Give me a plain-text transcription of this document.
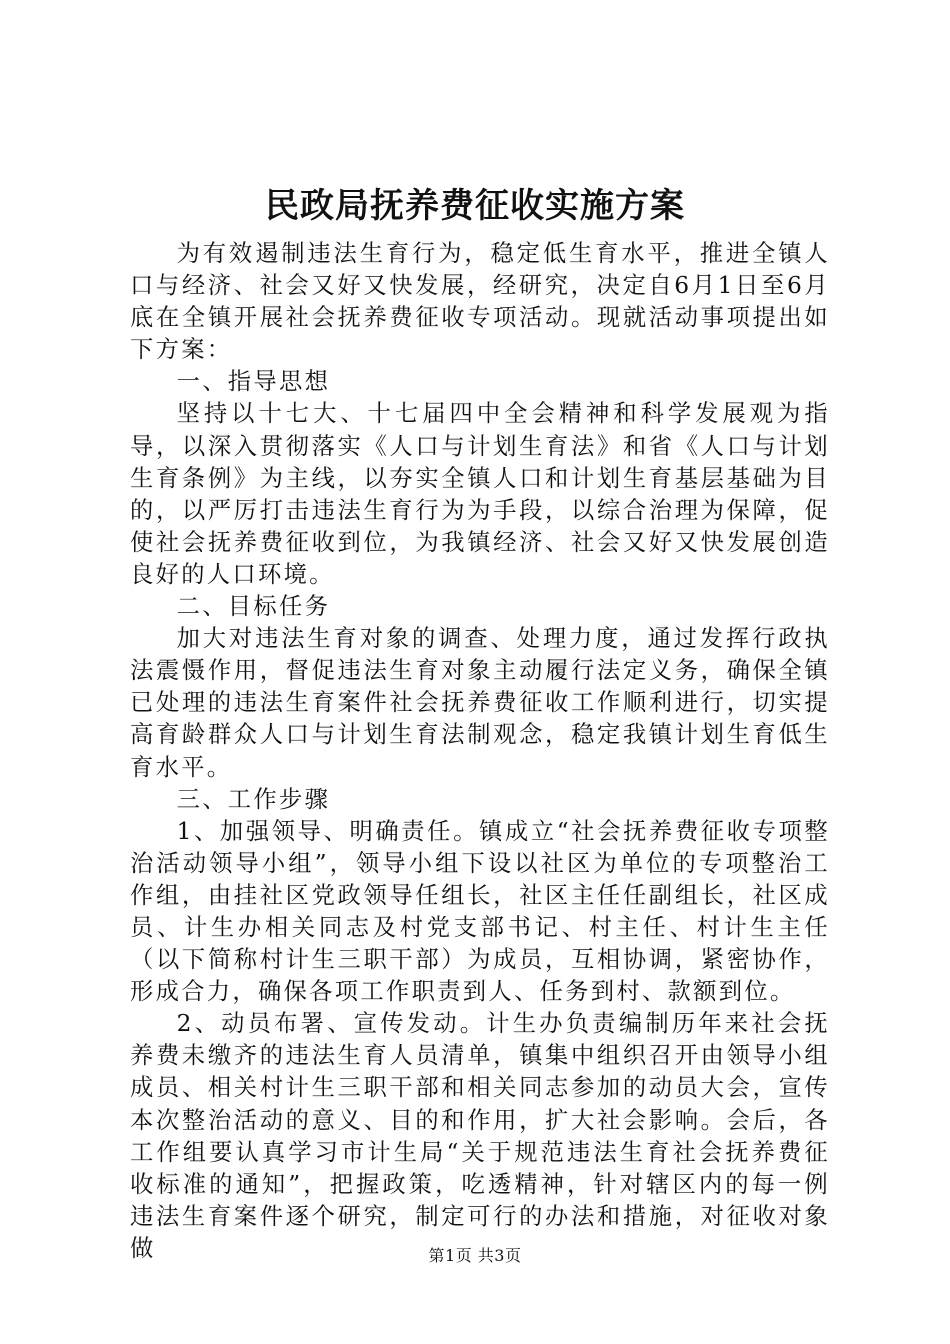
民政局抚养费征收实施方案

为有效遏制违法生育行为，稳定低生育水平，推进全镇人口与经济、社会又好又快发展，经研究，决定自6月1日至6月底在全镇开展社会抚养费征收专项活动。现就活动事项提出如下方案：

一、指导思想

坚持以十七大、十七届四中全会精神和科学发展观为指导，以深入贯彻落实《人口与计划生育法》和省《人口与计划生育条例》为主线，以夯实全镇人口和计划生育基层基础为目的，以严厉打击违法生育行为为手段，以综合治理为保障，促使社会抚养费征收到位，为我镇经济、社会又好又快发展创造良好的人口环境。

二、目标任务

加大对违法生育对象的调查、处理力度，通过发挥行政执法震慑作用，督促违法生育对象主动履行法定义务，确保全镇已处理的违法生育案件社会抚养费征收工作顺利进行，切实提高育龄群众人口与计划生育法制观念，稳定我镇计划生育低生育水平。

三、工作步骤

1、加强领导、明确责任。镇成立“社会抚养费征收专项整治活动领导小组”，领导小组下设以社区为单位的专项整治工作组，由挂社区党政领导任组长，社区主任任副组长，社区成员、计生办相关同志及村党支部书记、村主任、村计生主任（以下简称村计生三职干部）为成员，互相协调，紧密协作，形成合力，确保各项工作职责到人、任务到村、款额到位。

2、动员布署、宣传发动。计生办负责编制历年来社会抚养费未缴齐的违法生育人员清单，镇集中组织召开由领导小组成员、相关村计生三职干部和相关同志参加的动员大会，宣传本次整治活动的意义、目的和作用，扩大社会影响。会后，各工作组要认真学习市计生局“关于规范违法生育社会抚养费征收标准的通知”，把握政策，吃透精神，针对辖区内的每一例违法生育案件逐个研究，制定可行的办法和措施，对征收对象做	第1页 共3页
